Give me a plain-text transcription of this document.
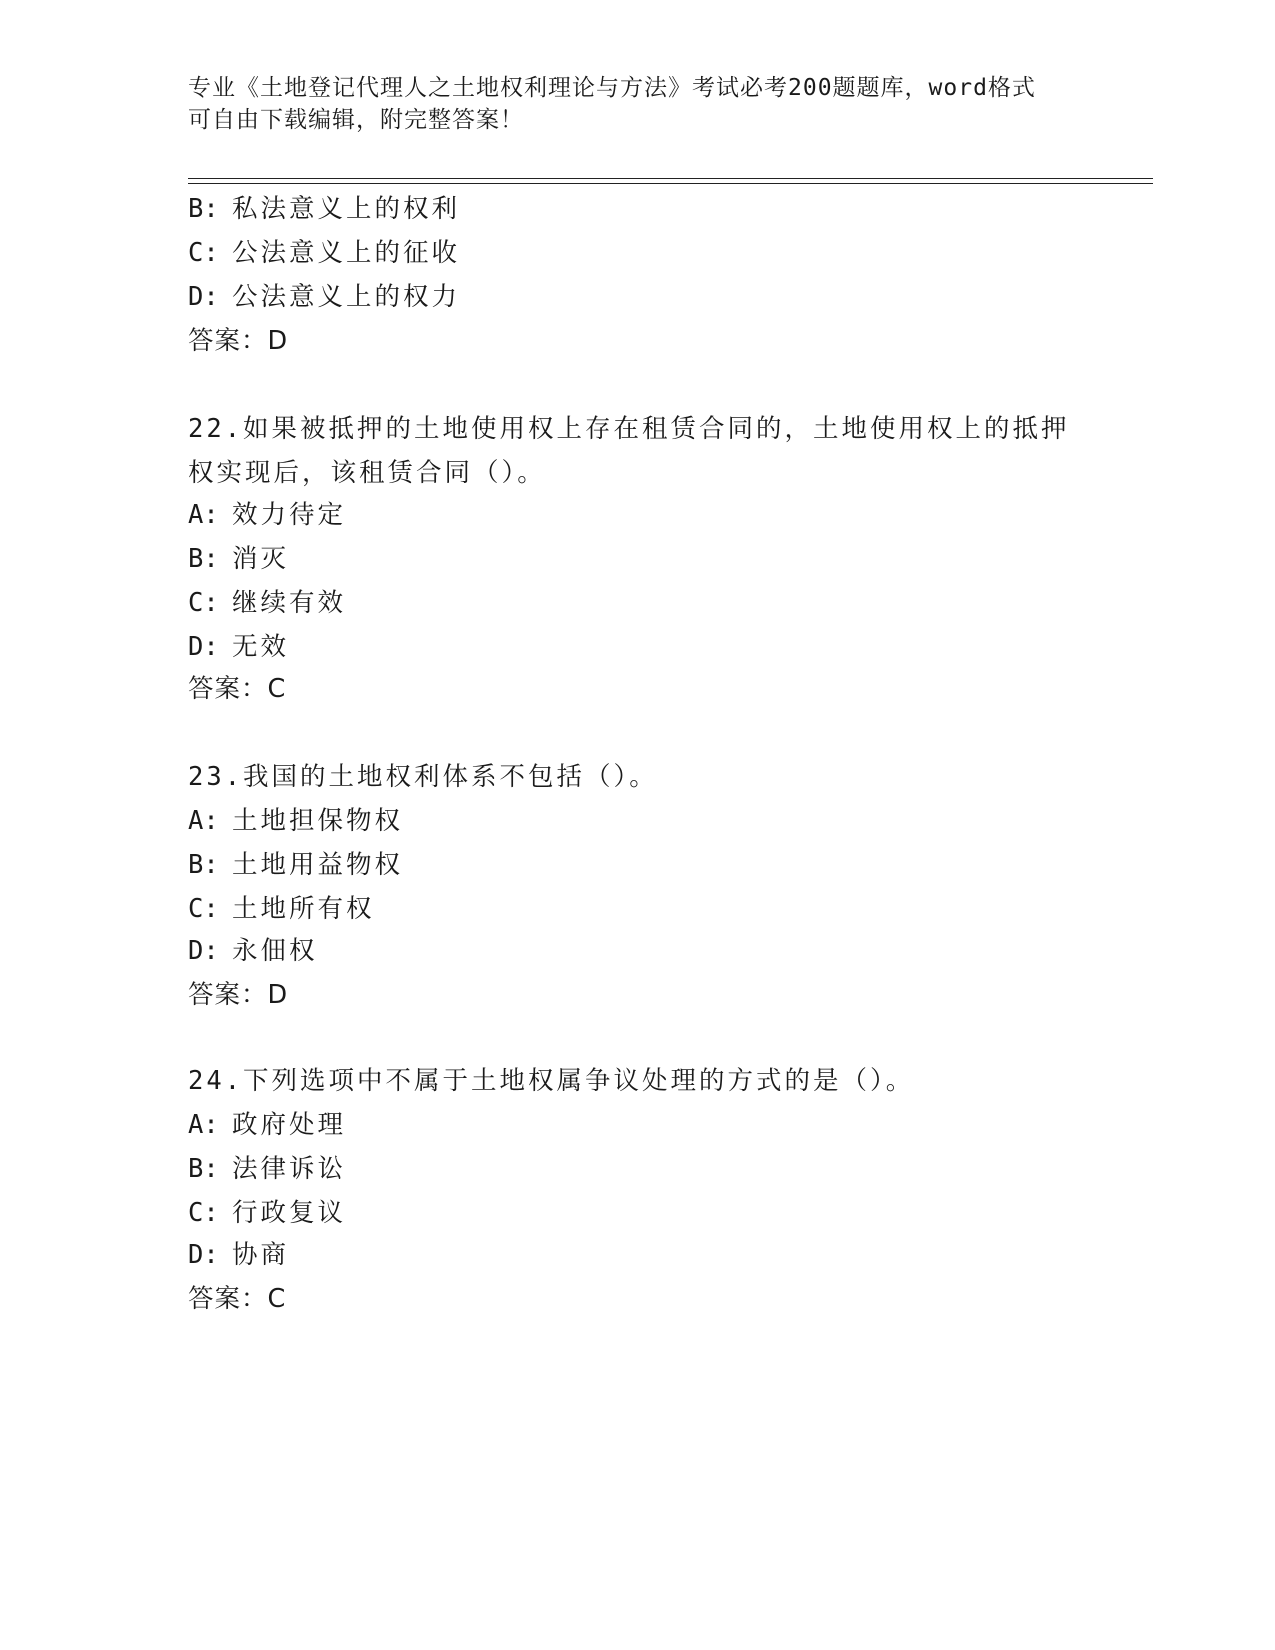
专业《土地登记代理人之土地权利理论与方法》考试必考200题题库，word格式
可自由下载编辑，附完整答案！
B: 私法意义上的权利
C: 公法意义上的征收
D: 公法意义上的权力
答案：D
22.如果被抵押的土地使用权上存在租赁合同的，土地使用权上的抵押
权实现后，该租赁合同（）。
A: 效力待定
B: 消灭
C: 继续有效
D: 无效
答案：C
23.我国的土地权利体系不包括（）。
A: 土地担保物权
B: 土地用益物权
C: 土地所有权
D: 永佃权
答案：D
24.下列选项中不属于土地权属争议处理的方式的是（）。
A: 政府处理
B: 法律诉讼
C: 行政复议
D: 协商
答案：C
